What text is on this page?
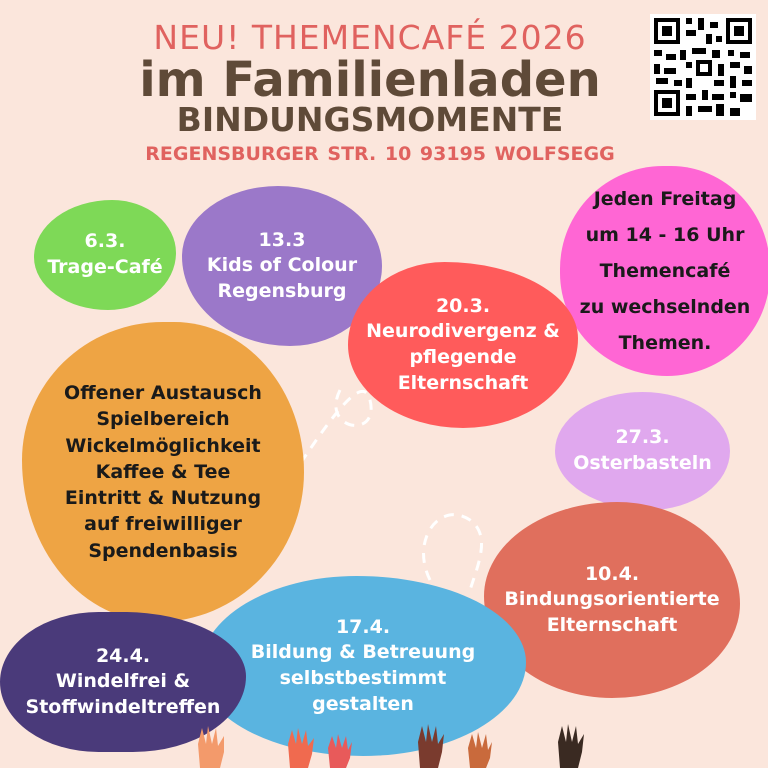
NEU! THEMENCAFÉ 2026
im Familienladen
BINDUNGSMOMENTE
REGENSBURGER STR. 10 93195 WOLFSEGG
6.3.
Trage-Café
13.3
Kids of Colour Regensburg
Jeden Freitag
um 14 - 16 Uhr
Themencafé
zu wechselnden
Themen.
20.3.
Neurodivergenz & pflegende Elternschaft
Offener Austausch
Spielbereich
Wickelmöglichkeit
Kaffee & Tee
Eintritt & Nutzung
auf freiwilliger
Spendenbasis
27.3.
Osterbasteln
10.4.
Bindungsorientierte Elternschaft
17.4.
Bildung & Betreuung selbstbestimmt gestalten
24.4.
Windelfrei & Stoffwindeltreffen
